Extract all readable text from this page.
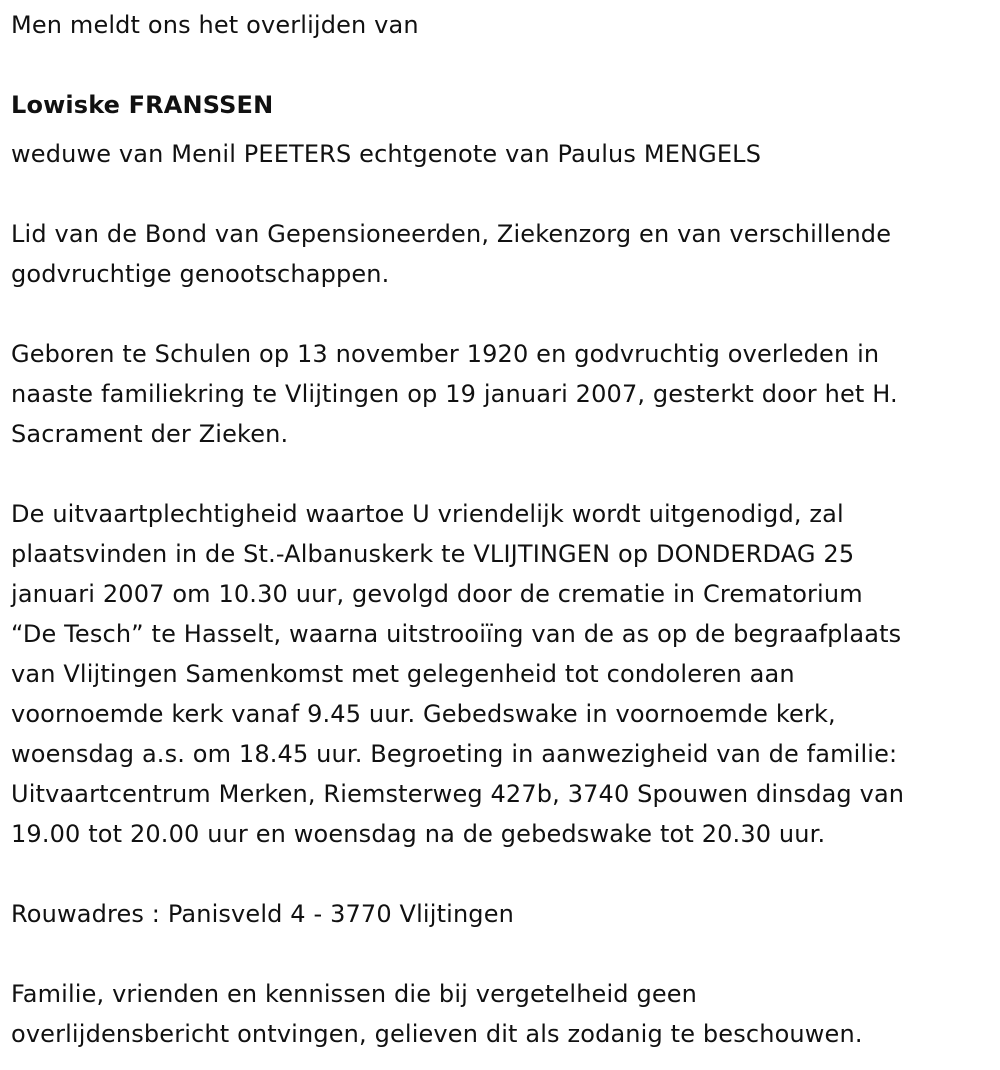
Men meldt ons het overlijden van
Lowiske FRANSSEN
weduwe van Menil PEETERS echtgenote van Paulus MENGELS
Lid van de Bond van Gepensioneerden, Ziekenzorg en van verschillende
godvruchtige genootschappen.
Geboren te Schulen op 13 november 1920 en godvruchtig overleden in
naaste familiekring te Vlijtingen op 19 januari 2007, gesterkt door het H.
Sacrament der Zieken.
De uitvaartplechtigheid waartoe U vriendelijk wordt uitgenodigd, zal
plaatsvinden in de St.-Albanuskerk te VLIJTINGEN op DONDERDAG 25
januari 2007 om 10.30 uur, gevolgd door de crematie in Crematorium
“De Tesch” te Hasselt, waarna uitstrooiïng van de as op de begraafplaats
van Vlijtingen Samenkomst met gelegenheid tot condoleren aan
voornoemde kerk vanaf 9.45 uur. Gebedswake in voornoemde kerk,
woensdag a.s. om 18.45 uur. Begroeting in aanwezigheid van de familie:
Uitvaartcentrum Merken, Riemsterweg 427b, 3740 Spouwen dinsdag van
19.00 tot 20.00 uur en woensdag na de gebedswake tot 20.30 uur.
Rouwadres : Panisveld 4 - 3770 Vlijtingen
Familie, vrienden en kennissen die bij vergetelheid geen
overlijdensbericht ontvingen, gelieven dit als zodanig te beschouwen.
